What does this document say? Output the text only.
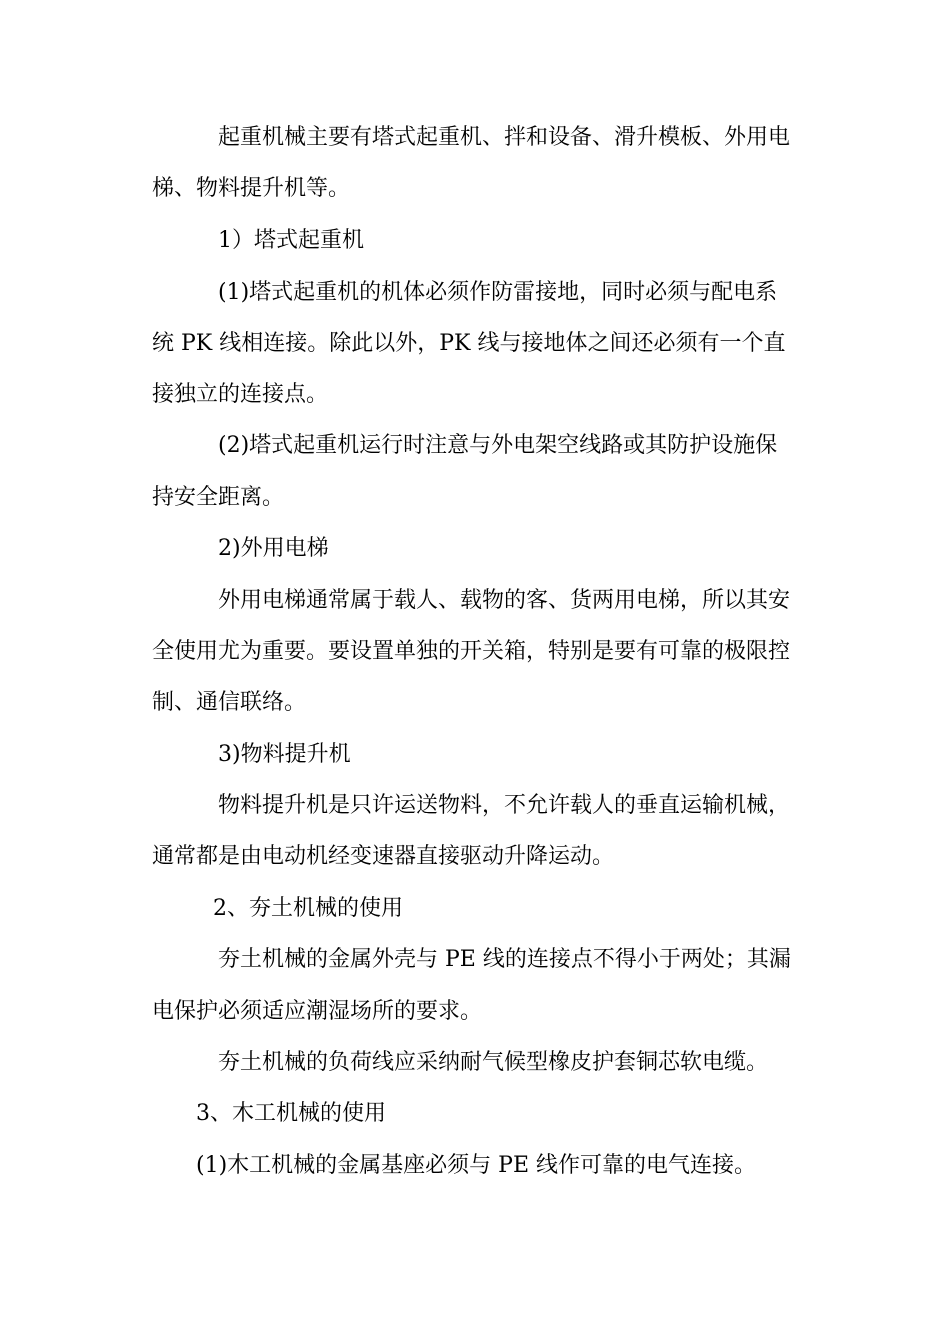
起重机械主要有塔式起重机、拌和设备、滑升模板、外用电
梯、物料提升机等。
1）塔式起重机
(1)塔式起重机的机体必须作防雷接地，同时必须与配电系
统 PK 线相连接。除此以外，PK 线与接地体之间还必须有一个直
接独立的连接点。
(2)塔式起重机运行时注意与外电架空线路或其防护设施保
持安全距离。
2)外用电梯
外用电梯通常属于载人、载物的客、货两用电梯，所以其安
全使用尤为重要。要设置单独的开关箱，特别是要有可靠的极限控
制、通信联络。
3)物料提升机
物料提升机是只许运送物料，不允许载人的垂直运输机械，
通常都是由电动机经变速器直接驱动升降运动。
2、夯土机械的使用
夯土机械的金属外壳与 PE 线的连接点不得小于两处；其漏
电保护必须适应潮湿场所的要求。
夯土机械的负荷线应采纳耐气候型橡皮护套铜芯软电缆。
3、木工机械的使用
(1)木工机械的金属基座必须与 PE 线作可靠的电气连接。
